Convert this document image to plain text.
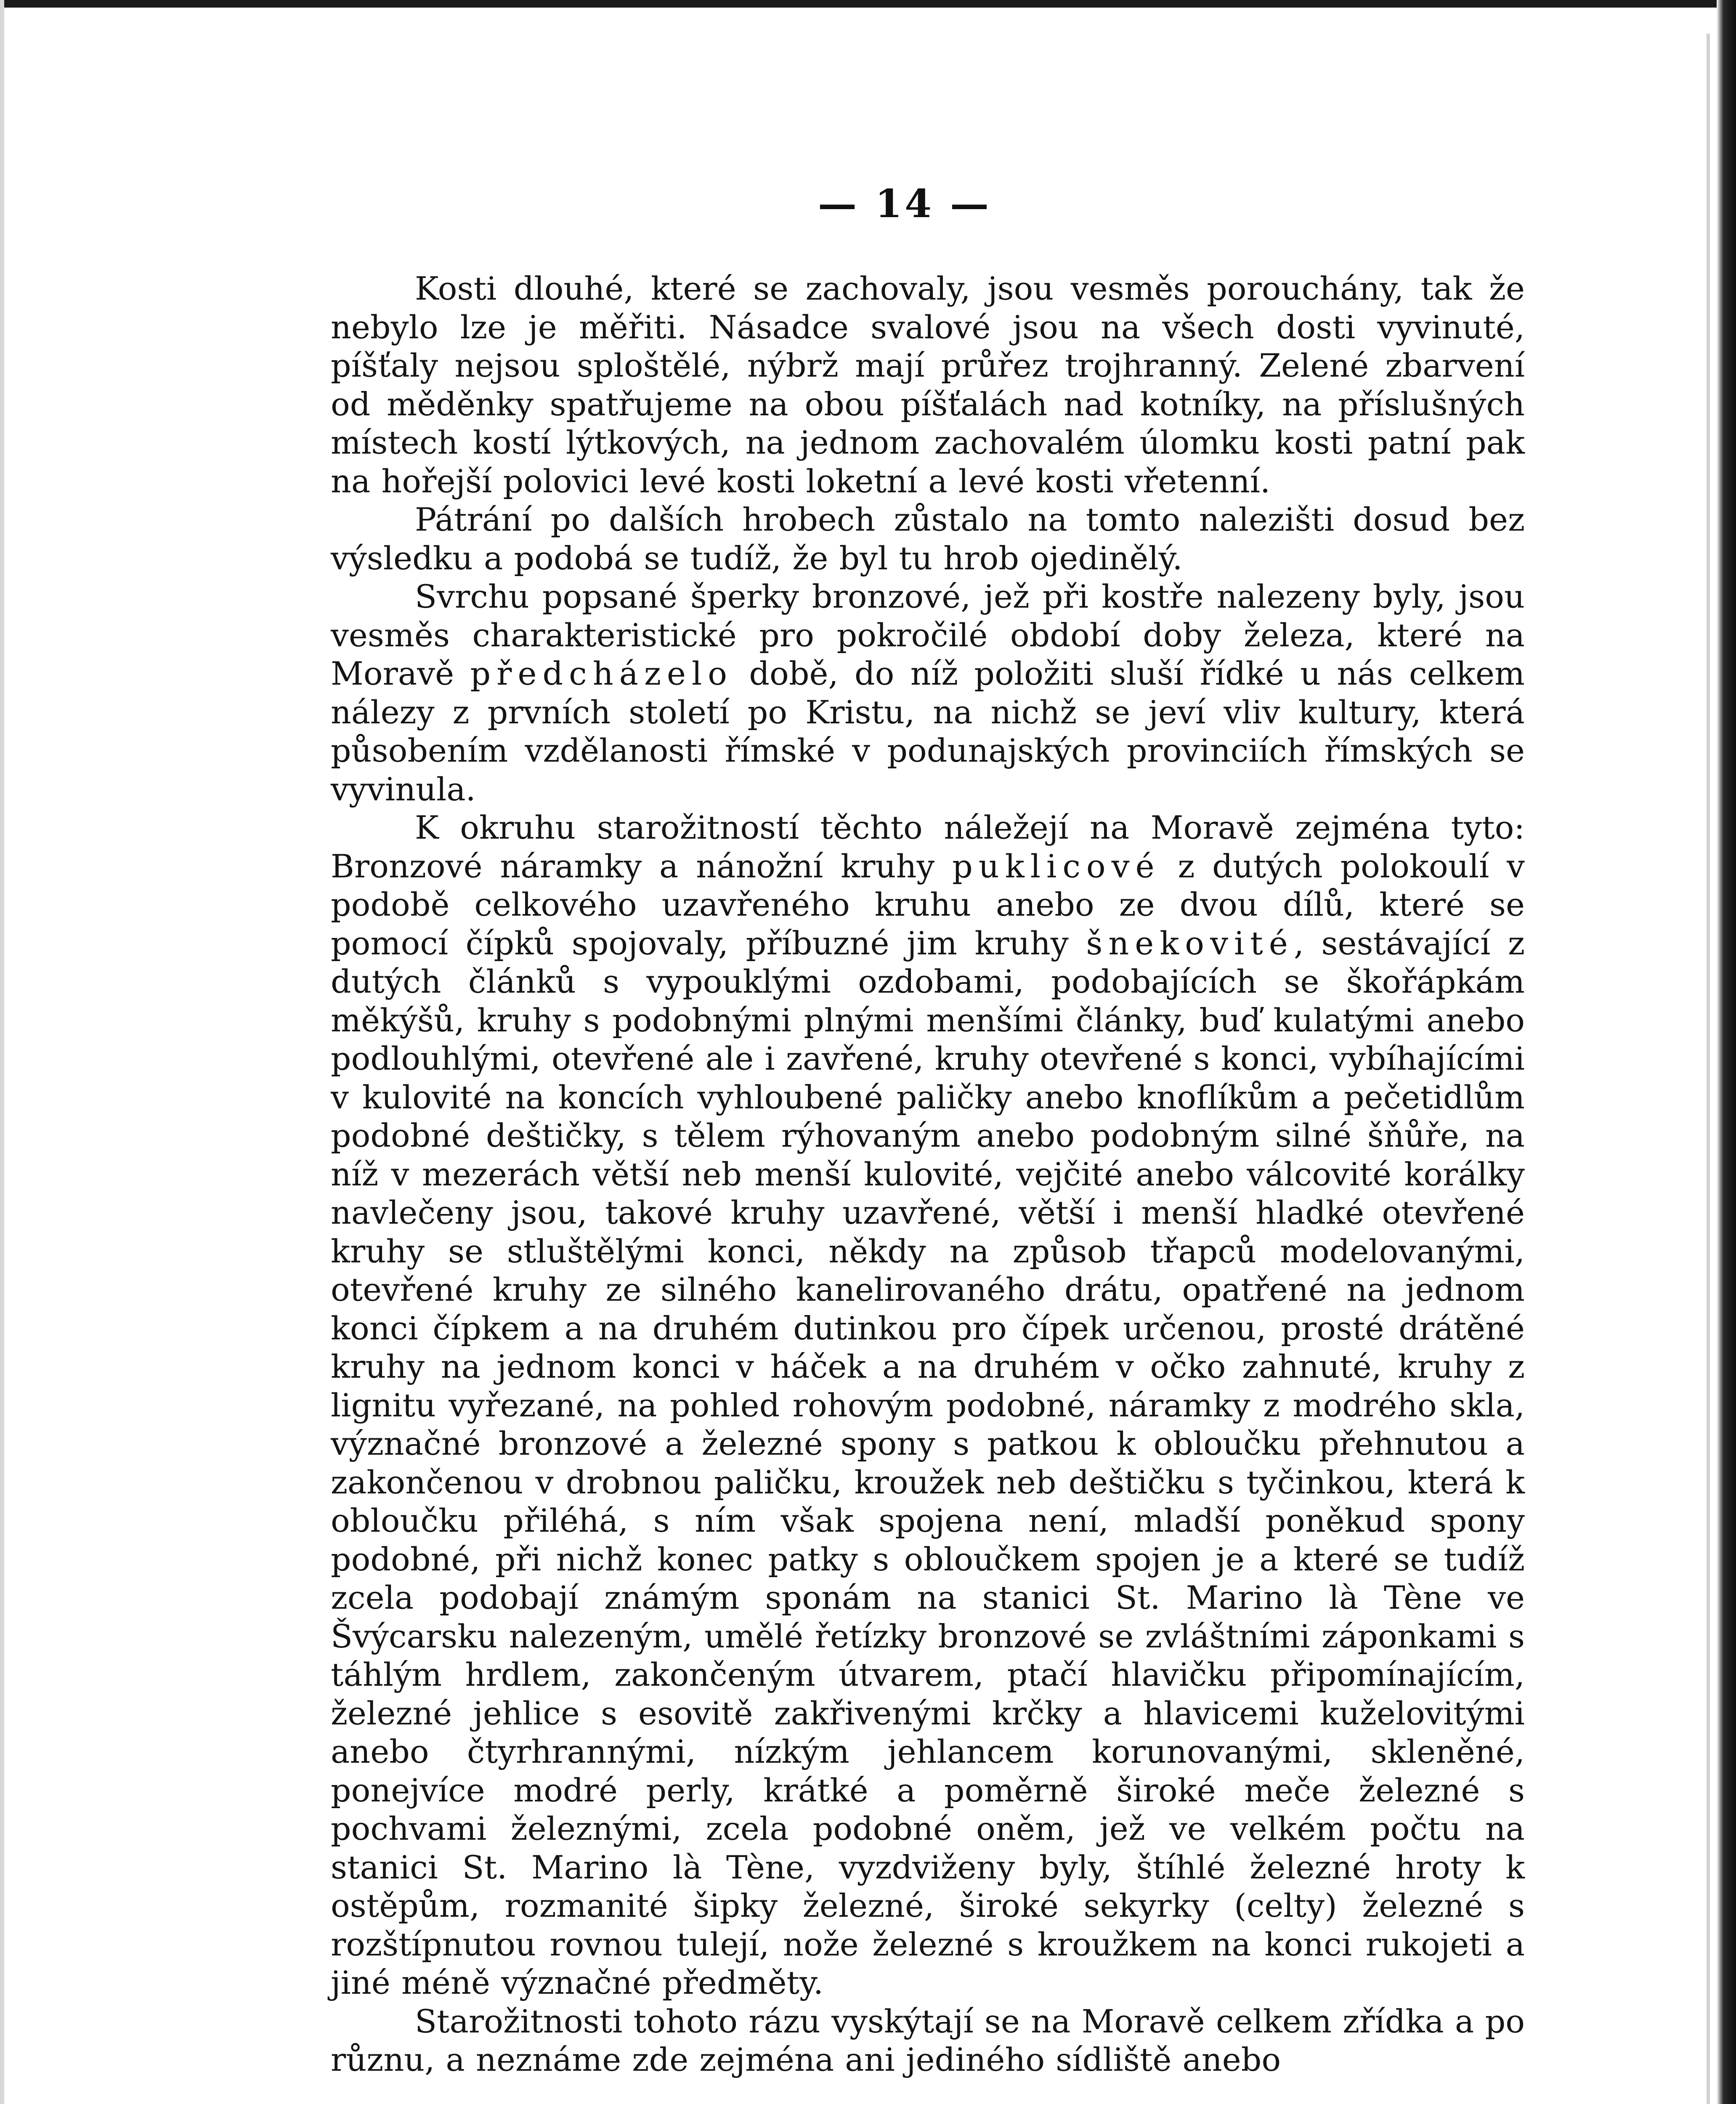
— 14 —

Kosti dlouhé, které se zachovaly, jsou vesměs porouchány, tak že nebylo lze je měřiti. Násadce svalové jsou na všech dosti vyvinuté, píšťaly nejsou sploštělé, nýbrž mají průřez trojhranný. Zelené zbarvení od měděnky spatřujeme na obou píšťalách nad kotníky, na příslušných místech kostí lýtkových, na jednom zachovalém úlomku kosti patní pak na hořejší polovici levé kosti loketní a levé kosti vřetenní.

Pátrání po dalších hrobech zůstalo na tomto nalezišti dosud bez výsledku a podobá se tudíž, že byl tu hrob ojedinělý.

Svrchu popsané šperky bronzové, jež při kostře nalezeny byly, jsou vesměs charakteristické pro pokročilé období doby železa, které na Moravě předcházelo době, do níž položiti sluší řídké u nás celkem nálezy z prvních století po Kristu, na nichž se jeví vliv kultury, která působením vzdělanosti římské v podunajských provinciích římských se vyvinula.

K okruhu starožitností těchto náležejí na Moravě zejména tyto: Bronzové náramky a nánožní kruhy puklicové z dutých polokoulí v podobě celkového uzavřeného kruhu anebo ze dvou dílů, které se pomocí čípků spojovaly, příbuzné jim kruhy šnekovité, sestávající z dutých článků s vypouklými ozdobami, podobajících se škořápkám měkýšů, kruhy s podobnými plnými menšími články, buď kulatými anebo podlouhlými, otevřené ale i zavřené, kruhy otevřené s konci, vybíhajícími v kulovité na koncích vyhloubené paličky anebo knoflíkům a pečetidlům podobné deštičky, s tělem rýhovaným anebo podobným silné šňůře, na níž v mezerách větší neb menší kulovité, vejčité anebo válcovité korálky navlečeny jsou, takové kruhy uzavřené, větší i menší hladké otevřené kruhy se stluštělými konci, někdy na způsob třapců modelovanými, otevřené kruhy ze silného kanelirovaného drátu, opatřené na jednom konci čípkem a na druhém dutinkou pro čípek určenou, prosté drátěné kruhy na jednom konci v háček a na druhém v očko zahnuté, kruhy z lignitu vyřezané, na pohled rohovým podobné, náramky z modrého skla, význačné bronzové a železné spony s patkou k obloučku přehnutou a zakončenou v drobnou paličku, kroužek neb deštičku s tyčinkou, která k obloučku přiléhá, s ním však spojena není, mladší poněkud spony podobné, při nichž konec patky s obloučkem spojen je a které se tudíž zcela podobají známým sponám na stanici St. Marino là Tène ve Švýcarsku nalezeným, umělé řetízky bronzové se zvláštními záponkami s táhlým hrdlem, zakončeným útvarem, ptačí hlavičku připomínajícím, železné jehlice s esovitě zakřivenými krčky a hlavicemi kuželovitými anebo čtyrhrannými, nízkým jehlancem korunovanými, skleněné, ponejvíce modré perly, krátké a poměrně široké meče železné s pochvami železnými, zcela podobné oněm, jež ve velkém počtu na stanici St. Marino là Tène, vyzdviženy byly, štíhlé železné hroty k ostěpům, rozmanité šipky železné, široké sekyrky (celty) železné s rozštípnutou rovnou tulejí, nože železné s kroužkem na konci rukojeti a jiné méně význačné předměty.

Starožitnosti tohoto rázu vyskýtají se na Moravě celkem zřídka a po různu, a neznáme zde zejména ani jediného sídliště anebo
